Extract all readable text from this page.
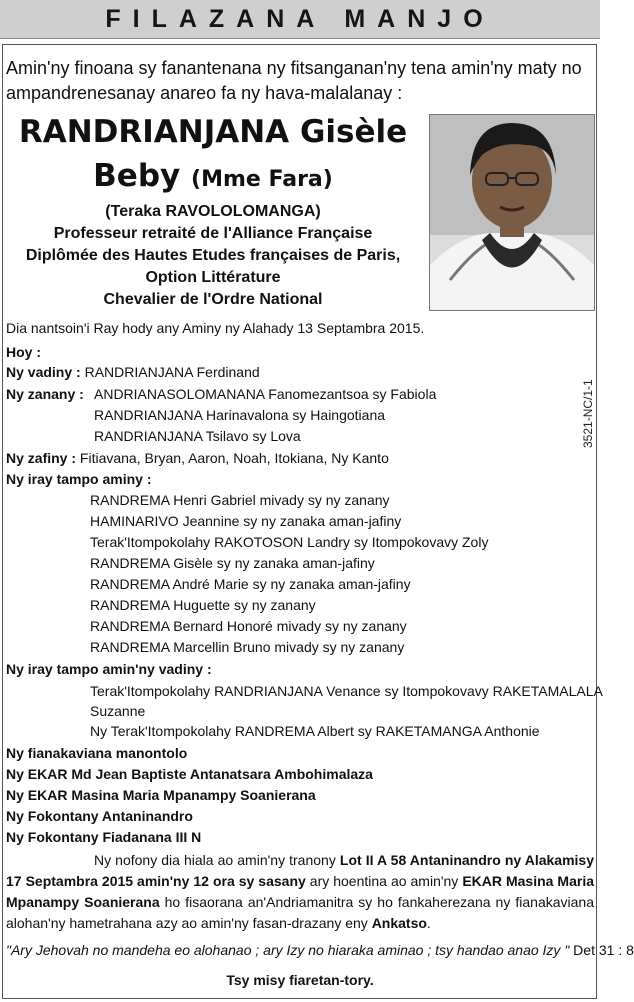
FILAZANA MANJO
Amin'ny finoana sy fanantenana ny fitsanganan'ny tena amin'ny maty no ampandrenesanay anareo fa ny hava-malalanay :
RANDRIANJANA Gisèle
Beby (Mme Fara)
(Teraka RAVOLOLOMANGA)
Professeur retraité de l'Alliance Française
Diplômée des Hautes Etudes françaises de Paris,
Option Littérature
Chevalier de l'Ordre National
3521-NC/1-1
Dia nantsoin'i Ray hody any Aminy ny Alahady 13 Septambra 2015.
Hoy :
Ny vadiny : RANDRIANJANA Ferdinand
Ny zanany : ANDRIANASOLOMANANA Fanomezantsoa sy Fabiola
RANDRIANJANA Harinavalona sy Haingotiana
RANDRIANJANA Tsilavo sy Lova
Ny zafiny : Fitiavana, Bryan, Aaron, Noah, Itokiana, Ny Kanto
Ny iray tampo aminy :
RANDREMA Henri Gabriel mivady sy ny zanany
HAMINARIVO Jeannine sy ny zanaka aman-jafiny
Terak'Itompokolahy RAKOTOSON Landry sy Itompokovavy Zoly
RANDREMA Gisèle sy ny zanaka aman-jafiny
RANDREMA André Marie sy ny zanaka aman-jafiny
RANDREMA Huguette sy ny zanany
RANDREMA Bernard Honoré mivady sy ny zanany
RANDREMA Marcellin Bruno mivady sy ny zanany
Ny iray tampo amin'ny vadiny :
Terak'Itompokolahy RANDRIANJANA Venance sy Itompokovavy RAKETAMALALA
Suzanne
Ny Terak'Itompokolahy RANDREMA Albert sy RAKETAMANGA Anthonie
Ny fianakaviana manontolo
Ny EKAR Md Jean Baptiste Antanatsara Ambohimalaza
Ny EKAR Masina Maria Mpanampy Soanierana
Ny Fokontany Antaninandro
Ny Fokontany Fiadanana III N
Ny nofony dia hiala ao amin'ny tranony Lot II A 58 Antaninandro ny Alakamisy 17 Septambra 2015 amin'ny 12 ora sy sasany ary hoentina ao amin'ny EKAR Masina Maria Mpanampy Soanierana ho fisaorana an'Andriamanitra sy ho fankaherezana ny fianakaviana alohan'ny hametrahana azy ao amin'ny fasan-drazany eny Ankatso.
"Ary Jehovah no mandeha eo alohanao ; ary Izy no hiaraka aminao ; tsy handao anao Izy " Det 31 : 8
Tsy misy fiaretan-tory.
